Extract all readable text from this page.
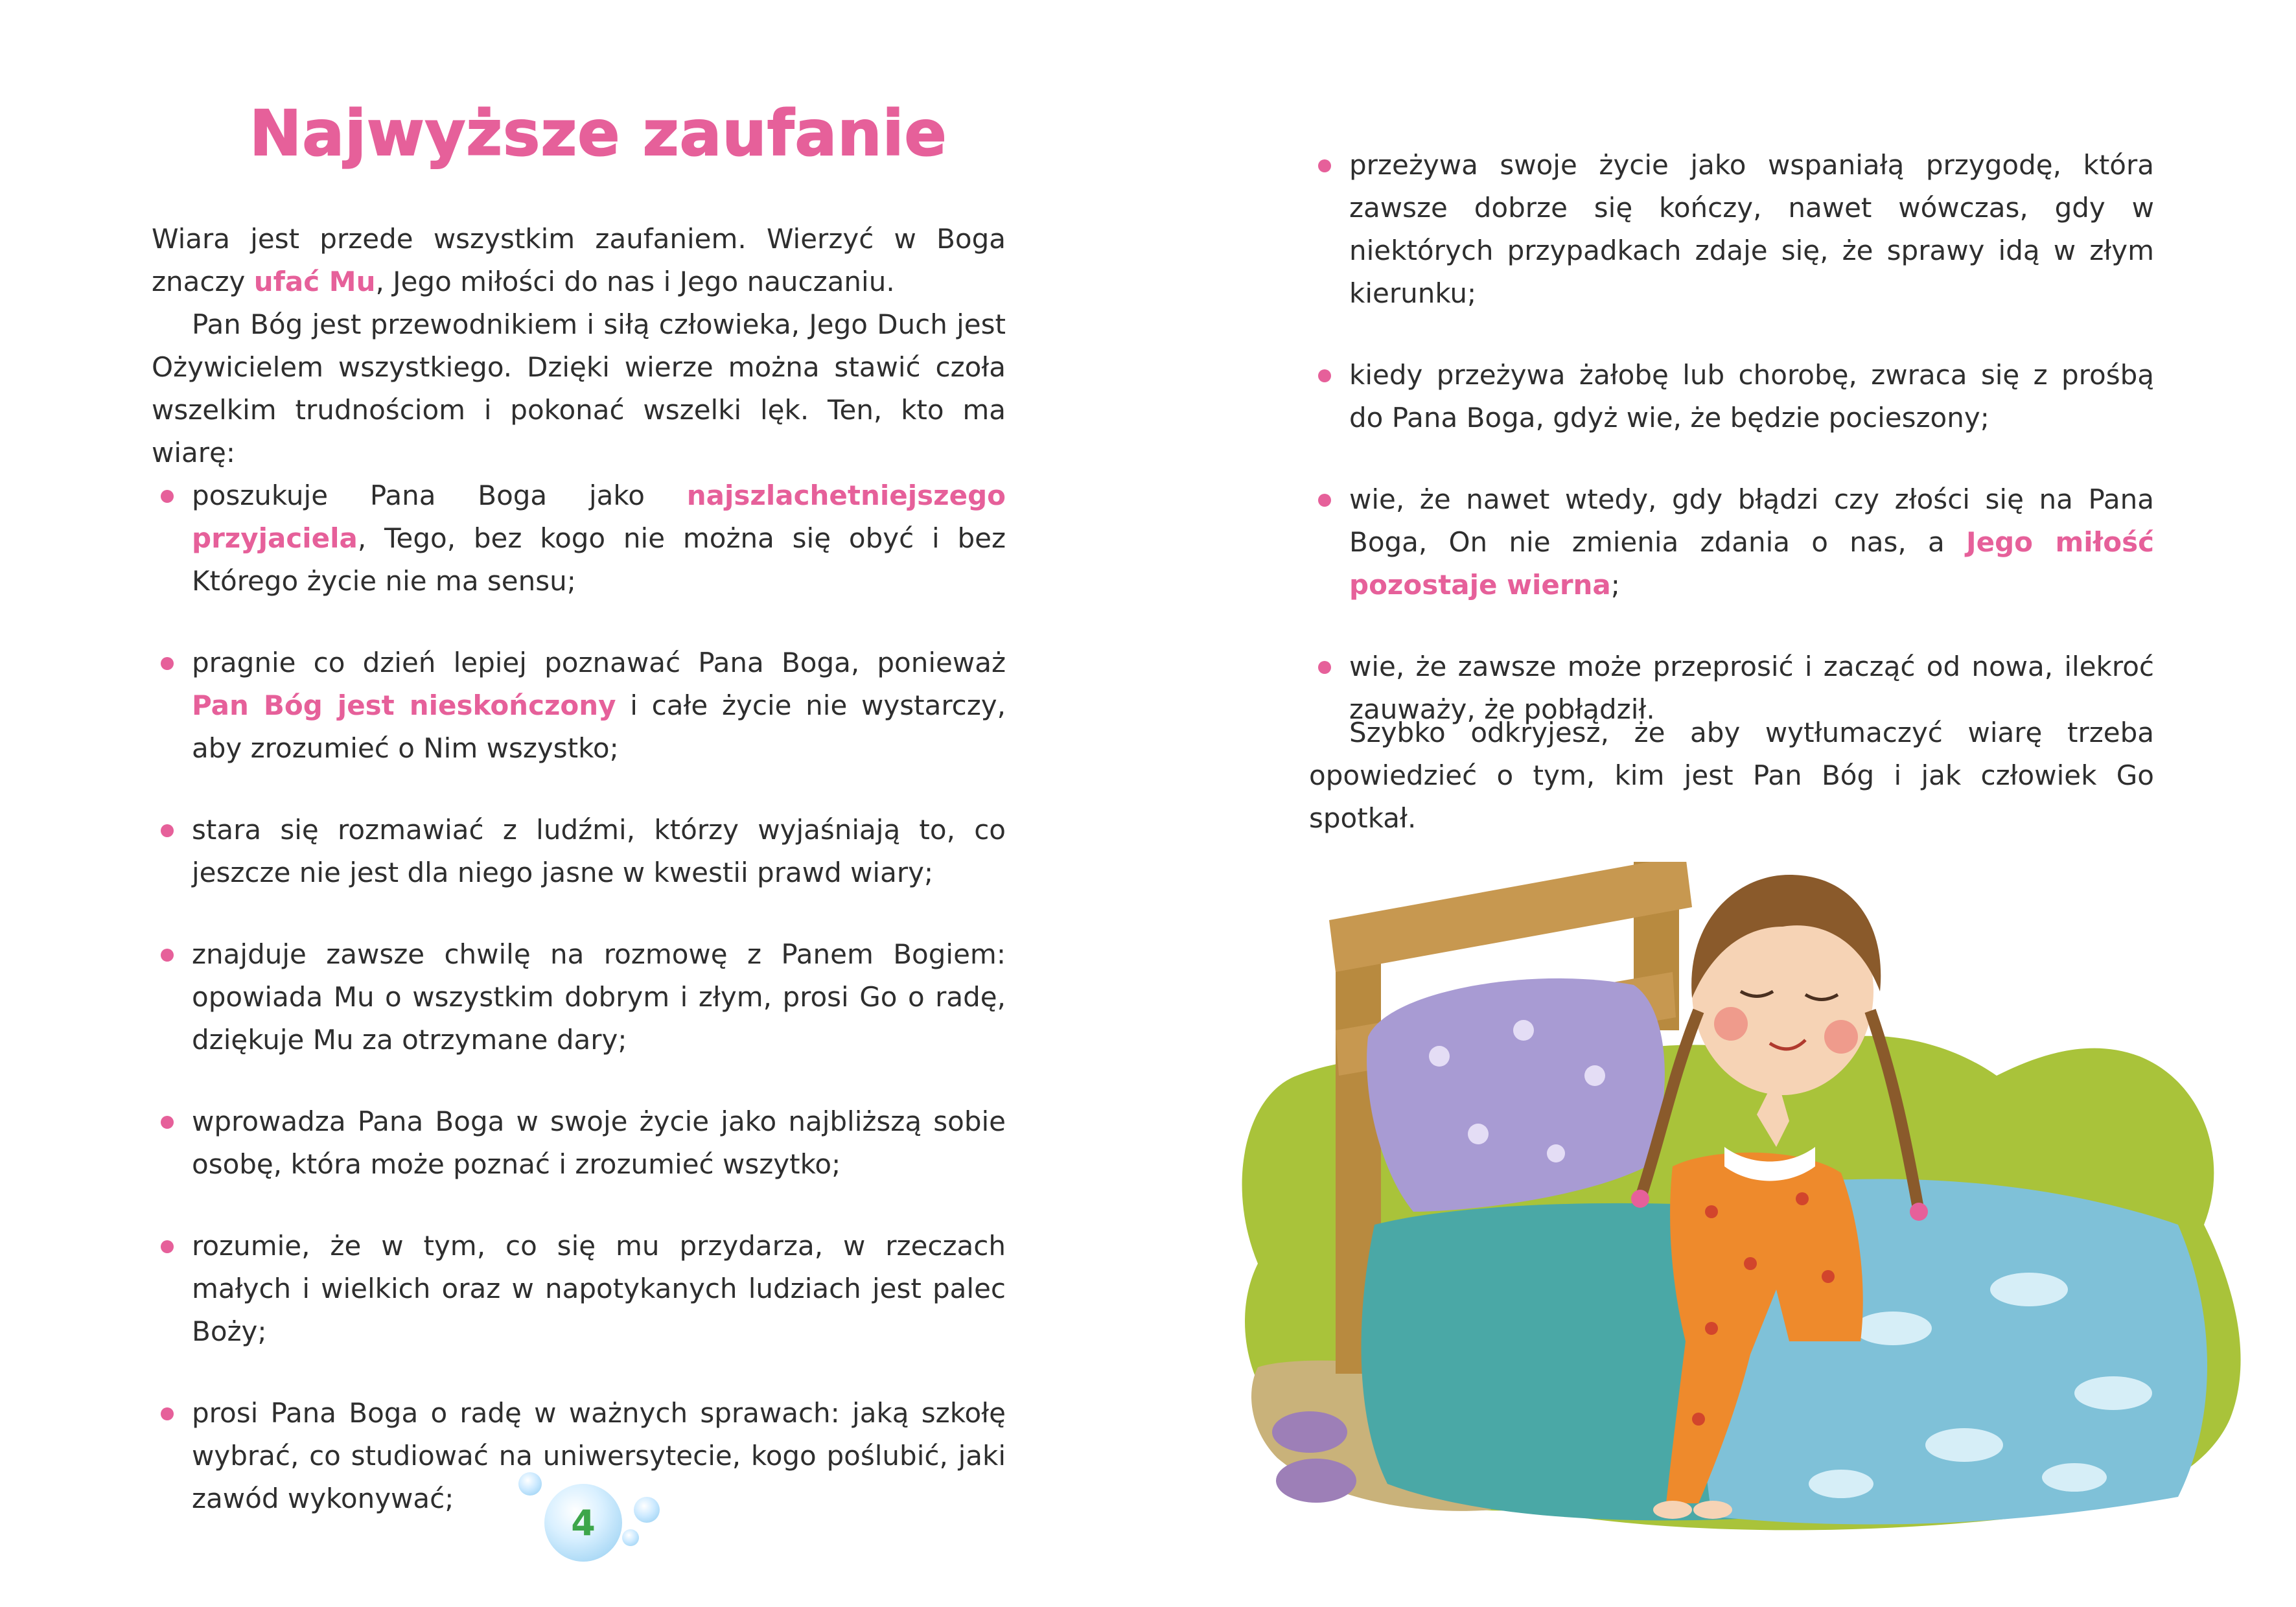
Najwyższe zaufanie
Wiara jest przede wszystkim zaufaniem. Wierzyć w Boga znaczy ufać Mu, Jego miłości do nas i Jego nauczaniu.
Pan Bóg jest przewodnikiem i siłą człowieka, Jego Duch jest Ożywicielem wszystkiego. Dzięki wierze można stawić czoła wszelkim trudnościom i pokonać wszelki lęk. Ten, kto ma wiarę:
poszukuje Pana Boga jako najszlachetniejszego przyjaciela, Tego, bez kogo nie można się obyć i bez Którego życie nie ma sensu;
pragnie co dzień lepiej poznawać Pana Boga, ponieważ Pan Bóg jest nieskończony i całe życie nie wystarczy, aby zrozumieć o Nim wszystko;
stara się rozmawiać z ludźmi, którzy wyjaśniają to, co jeszcze nie jest dla niego jasne w kwestii prawd wiary;
znajduje zawsze chwilę na rozmowę z Panem Bogiem: opowiada Mu o wszystkim dobrym i złym, prosi Go o radę, dziękuje Mu za otrzymane dary;
wprowadza Pana Boga w swoje życie jako najbliższą sobie osobę, która może poznać i zrozumieć wszytko;
rozumie, że w tym, co się mu przydarza, w rzeczach małych i wielkich oraz w napotykanych ludziach jest palec Boży;
prosi Pana Boga o radę w ważnych sprawach: jaką szkołę wybrać, co studiować na uniwersytecie, kogo poślubić, jaki zawód wykonywać;
4
przeżywa swoje życie jako wspaniałą przygodę, która zawsze dobrze się kończy, nawet wówczas, gdy w niektórych przypadkach zdaje się, że sprawy idą w złym kierunku;
kiedy przeżywa żałobę lub chorobę, zwraca się z prośbą do Pana Boga, gdyż wie, że będzie pocieszony;
wie, że nawet wtedy, gdy błądzi czy złości się na Pana Boga, On nie zmienia zdania o nas, a Jego miłość pozostaje wierna;
wie, że zawsze może przeprosić i zacząć od nowa, ilekroć zauważy, że pobłądził.
Szybko odkryjesz, że aby wytłumaczyć wiarę trzeba opowiedzieć o tym, kim jest Pan Bóg i jak człowiek Go spotkał.
